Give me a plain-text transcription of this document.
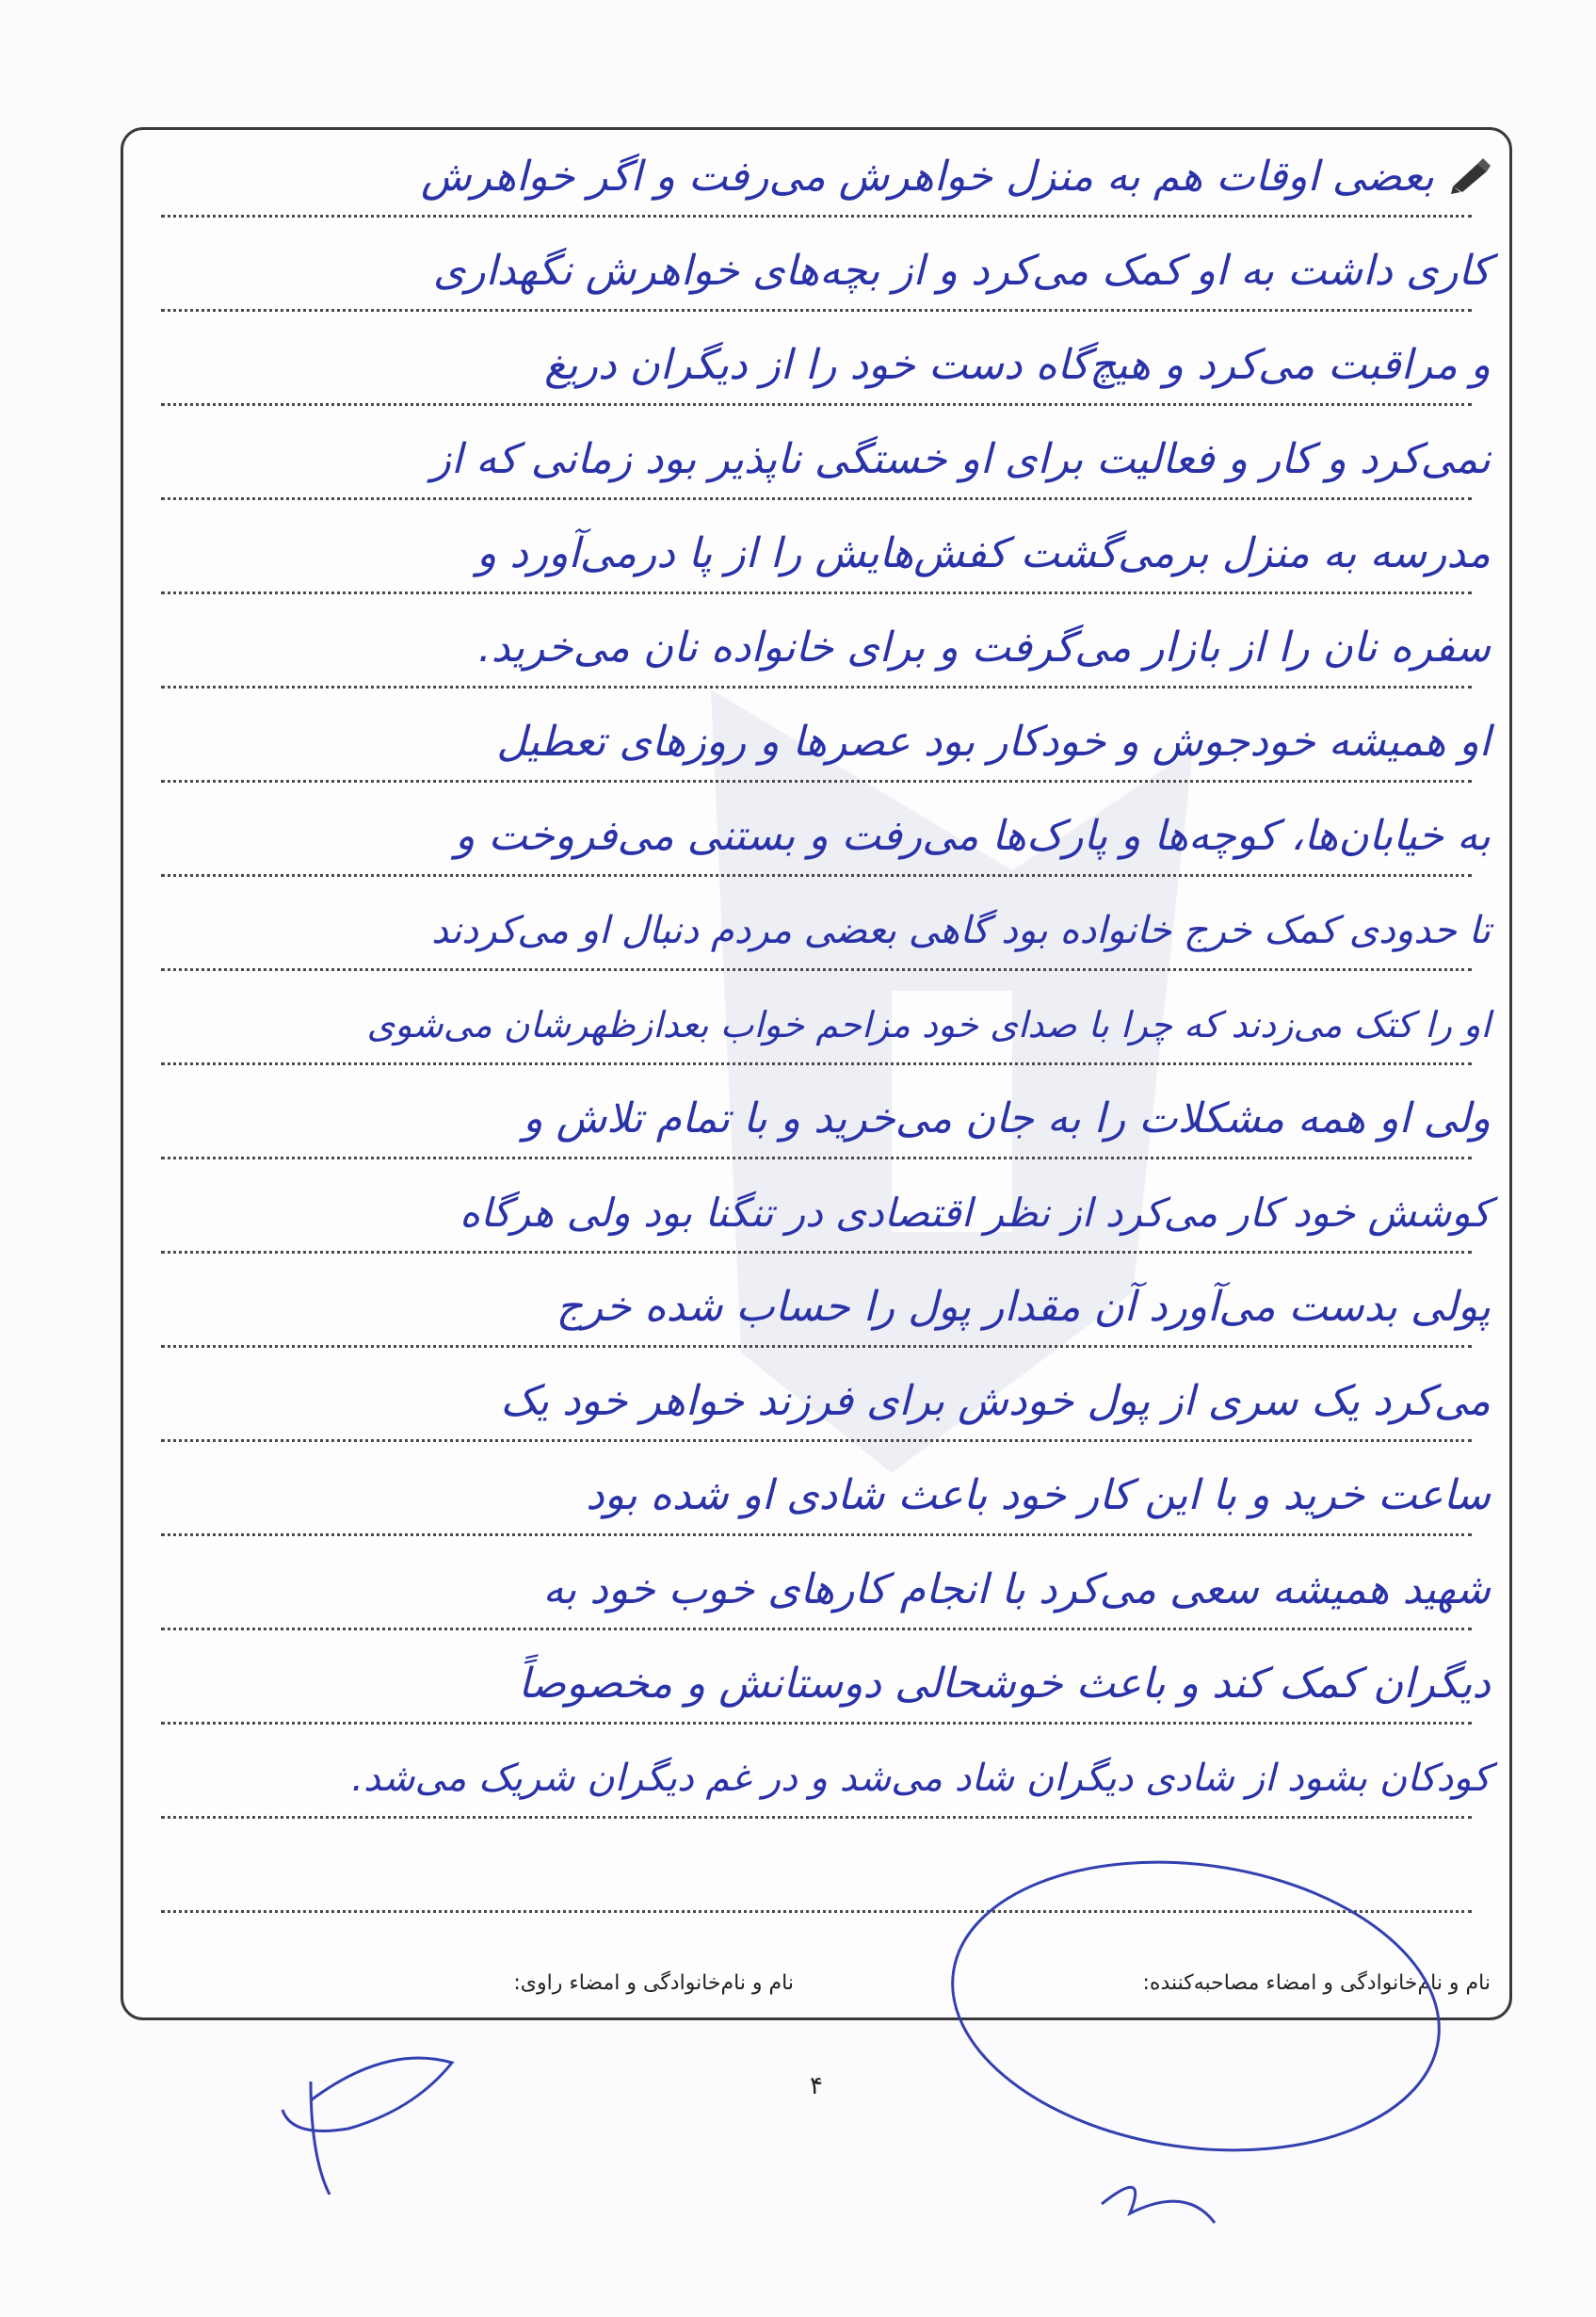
بعضی اوقات هم به منزل خواهرش می‌رفت و اگر خواهرش
کاری داشت به او کمک می‌کرد و از بچه‌های خواهرش نگهداری
و مراقبت می‌کرد و هیچ‌گاه دست خود را از دیگران دریغ
نمی‌کرد و کار و فعالیت برای او خستگی ناپذیر بود زمانی که از
مدرسه به منزل برمی‌گشت کفش‌هایش را از پا درمی‌آورد و
سفره نان را از بازار می‌گرفت و برای خانواده نان می‌خرید.
او همیشه خودجوش و خودکار بود عصرها و روزهای تعطیل
به خیابان‌ها، کوچه‌ها و پارک‌ها می‌رفت و بستنی می‌فروخت و
تا حدودی کمک خرج خانواده بود گاهی بعضی مردم دنبال او می‌کردند
او را کتک می‌زدند که چرا با صدای خود مزاحم خواب بعدازظهرشان می‌شوی
ولی او همه مشکلات را به جان می‌خرید و با تمام تلاش و
کوشش خود کار می‌کرد از نظر اقتصادی در تنگنا بود ولی هرگاه
پولی بدست می‌آورد آن مقدار پول را حساب شده خرج
می‌کرد یک سری از پول خودش برای فرزند خواهر خود یک
ساعت خرید و با این کار خود باعث شادی او شده بود
شهید همیشه سعی می‌کرد با انجام کارهای خوب خود به
دیگران کمک کند و باعث خوشحالی دوستانش و مخصوصاً
کودکان بشود از شادی دیگران شاد می‌شد و در غم دیگران شریک می‌شد.
نام و نام‌خانوادگی و امضاء مصاحبه‌کننده:
نام و نام‌خانوادگی و امضاء راوی:
۴
